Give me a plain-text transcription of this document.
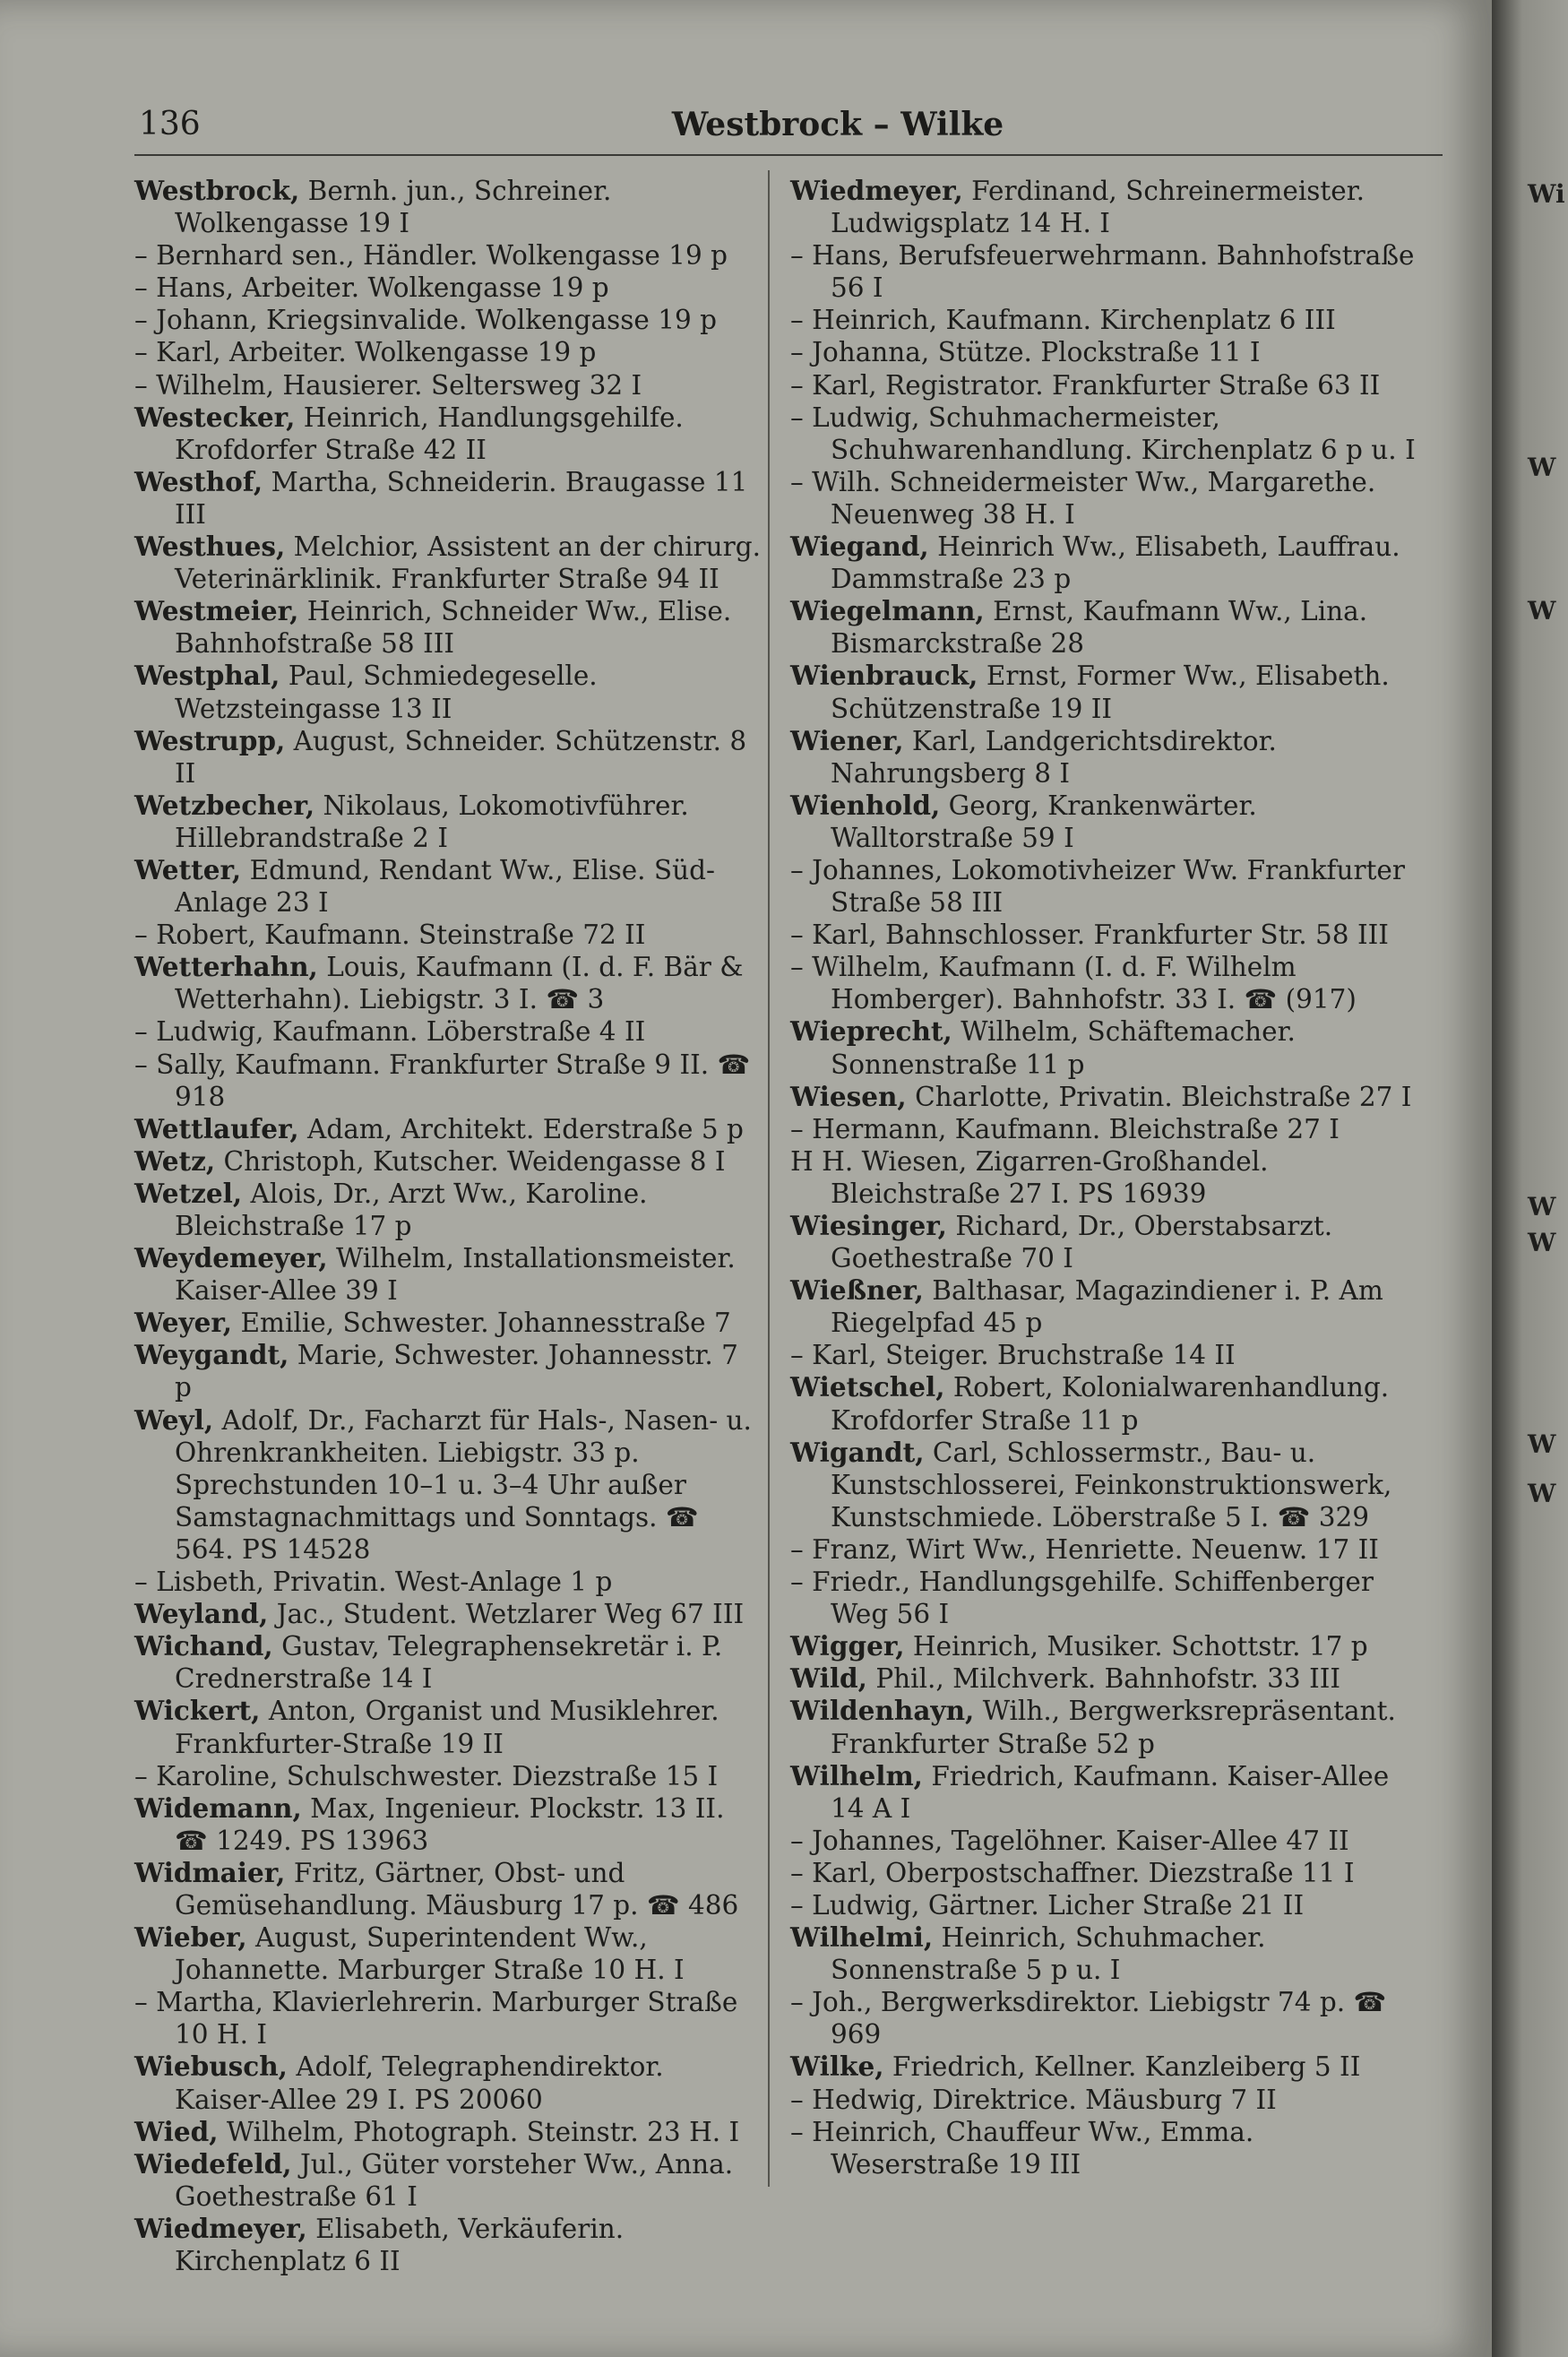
136	Westbrock – Wilke

Westbrock, Bernh. jun., Schreiner. Wolkengasse 19 I

– Bernhard sen., Händler. Wolkengasse 19 p

– Hans, Arbeiter. Wolkengasse 19 p

– Johann, Kriegsinvalide. Wolkengasse 19 p

– Karl, Arbeiter. Wolkengasse 19 p

– Wilhelm, Hausierer. Seltersweg 32 I

Westecker, Heinrich, Handlungsgehilfe. Krofdorfer Straße 42 II

Westhof, Martha, Schneiderin. Braugasse 11 III

Westhues, Melchior, Assistent an der chirurg. Veterinärklinik. Frankfurter Straße 94 II

Westmeier, Heinrich, Schneider Ww., Elise. Bahnhofstraße 58 III

Westphal, Paul, Schmiedegeselle. Wetzsteingasse 13 II

Westrupp, August, Schneider. Schützenstr. 8 II

Wetzbecher, Nikolaus, Lokomotivführer. Hillebrandstraße 2 I

Wetter, Edmund, Rendant Ww., Elise. Süd-Anlage 23 I

– Robert, Kaufmann. Steinstraße 72 II

Wetterhahn, Louis, Kaufmann (I. d. F. Bär & Wetterhahn). Liebigstr. 3 I. ☎ 3

– Ludwig, Kaufmann. Löberstraße 4 II

– Sally, Kaufmann. Frankfurter Straße 9 II. ☎ 918

Wettlaufer, Adam, Architekt. Ederstraße 5 p

Wetz, Christoph, Kutscher. Weidengasse 8 I

Wetzel, Alois, Dr., Arzt Ww., Karoline. Bleichstraße 17 p

Weydemeyer, Wilhelm, Installationsmeister. Kaiser-Allee 39 I

Weyer, Emilie, Schwester. Johannesstraße 7

Weygandt, Marie, Schwester. Johannesstr. 7 p

Weyl, Adolf, Dr., Facharzt für Hals-, Nasen- u. Ohrenkrankheiten. Liebigstr. 33 p. Sprechstunden 10–1 u. 3–4 Uhr außer Samstagnachmittags und Sonntags. ☎ 564. PS 14528

– Lisbeth, Privatin. West-Anlage 1 p

Weyland, Jac., Student. Wetzlarer Weg 67 III

Wichand, Gustav, Telegraphensekretär i. P. Crednerstraße 14 I

Wickert, Anton, Organist und Musiklehrer. Frankfurter-Straße 19 II

– Karoline, Schulschwester. Diezstraße 15 I

Widemann, Max, Ingenieur. Plockstr. 13 II. ☎ 1249. PS 13963

Widmaier, Fritz, Gärtner, Obst- und Gemüsehandlung. Mäusburg 17 p. ☎ 486

Wieber, August, Superintendent Ww., Johannette. Marburger Straße 10 H. I

– Martha, Klavierlehrerin. Marburger Straße 10 H. I

Wiebusch, Adolf, Telegraphendirektor. Kaiser-Allee 29 I. PS 20060

Wied, Wilhelm, Photograph. Steinstr. 23 H. I

Wiedefeld, Jul., Güter vorsteher Ww., Anna. Goethestraße 61 I

Wiedmeyer, Elisabeth, Verkäuferin. Kirchenplatz 6 II

Wiedmeyer, Ferdinand, Schreinermeister. Ludwigsplatz 14 H. I

– Hans, Berufsfeuerwehrmann. Bahnhofstraße 56 I

– Heinrich, Kaufmann. Kirchenplatz 6 III

– Johanna, Stütze. Plockstraße 11 I

– Karl, Registrator. Frankfurter Straße 63 II

– Ludwig, Schuhmachermeister, Schuhwarenhandlung. Kirchenplatz 6 p u. I

– Wilh. Schneidermeister Ww., Margarethe. Neuenweg 38 H. I

Wiegand, Heinrich Ww., Elisabeth, Lauffrau. Dammstraße 23 p

Wiegelmann, Ernst, Kaufmann Ww., Lina. Bismarckstraße 28

Wienbrauck, Ernst, Former Ww., Elisabeth. Schützenstraße 19 II

Wiener, Karl, Landgerichtsdirektor. Nahrungsberg 8 I

Wienhold, Georg, Krankenwärter. Walltorstraße 59 I

– Johannes, Lokomotivheizer Ww. Frankfurter Straße 58 III

– Karl, Bahnschlosser. Frankfurter Str. 58 III

– Wilhelm, Kaufmann (I. d. F. Wilhelm Homberger). Bahnhofstr. 33 I. ☎ (917)

Wieprecht, Wilhelm, Schäftemacher. Sonnenstraße 11 p

Wiesen, Charlotte, Privatin. Bleichstraße 27 I

– Hermann, Kaufmann. Bleichstraße 27 I

H H. Wiesen, Zigarren-Großhandel. Bleichstraße 27 I. PS 16939

Wiesinger, Richard, Dr., Oberstabsarzt. Goethestraße 70 I

Wießner, Balthasar, Magazindiener i. P. Am Riegelpfad 45 p

– Karl, Steiger. Bruchstraße 14 II

Wietschel, Robert, Kolonialwarenhandlung. Krofdorfer Straße 11 p

Wigandt, Carl, Schlossermstr., Bau- u. Kunstschlosserei, Feinkonstruktionswerk, Kunstschmiede. Löberstraße 5 I. ☎ 329

– Franz, Wirt Ww., Henriette. Neuenw. 17 II

– Friedr., Handlungsgehilfe. Schiffenberger Weg 56 I

Wigger, Heinrich, Musiker. Schottstr. 17 p

Wild, Phil., Milchverk. Bahnhofstr. 33 III

Wildenhayn, Wilh., Bergwerksrepräsentant. Frankfurter Straße 52 p

Wilhelm, Friedrich, Kaufmann. Kaiser-Allee 14 A I

– Johannes, Tagelöhner. Kaiser-Allee 47 II

– Karl, Oberpostschaffner. Diezstraße 11 I

– Ludwig, Gärtner. Licher Straße 21 II

Wilhelmi, Heinrich, Schuhmacher. Sonnenstraße 5 p u. I

– Joh., Bergwerksdirektor. Liebigstr 74 p. ☎ 969

Wilke, Friedrich, Kellner. Kanzleiberg 5 II

– Hedwig, Direktrice. Mäusburg 7 II

– Heinrich, Chauffeur Ww., Emma. Weserstraße 19 III

Wi
W
W
W
W
W
W
